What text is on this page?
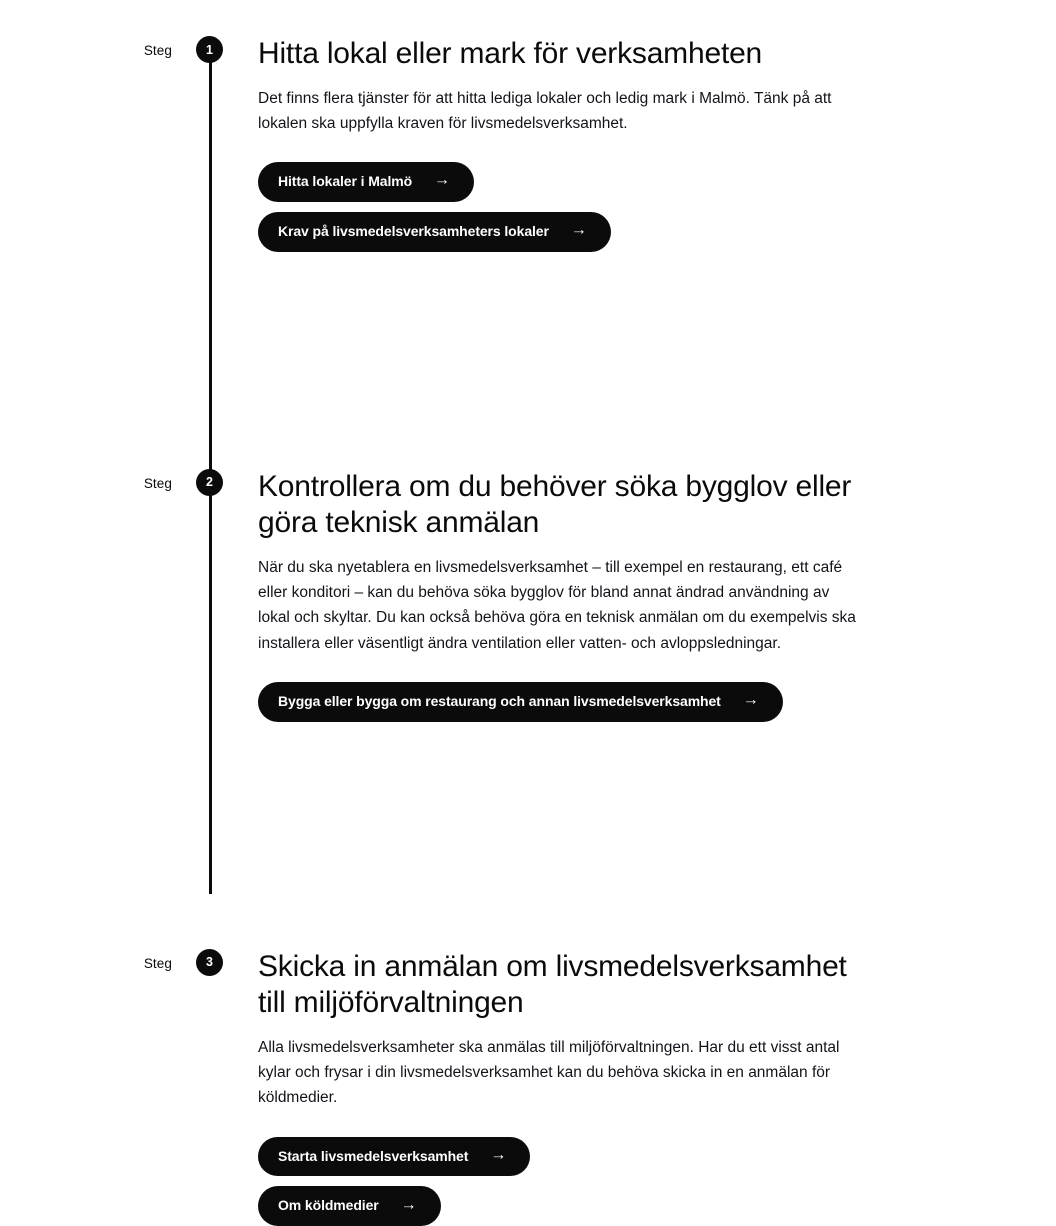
Steg	1	Hitta lokal eller mark för verksamheten

Det finns flera tjänster för att hitta lediga lokaler och ledig mark i Malmö. Tänk på att lokalen ska uppfylla kraven för livsmedelsverksamhet.

Hitta lokaler i Malmö →
Krav på livsmedelsverksamheters lokaler →
Steg	2	Kontrollera om du behöver söka bygglov eller göra teknisk anmälan

När du ska nyetablera en livsmedelsverksamhet – till exempel en restaurang, ett café eller konditori – kan du behöva söka bygglov för bland annat ändrad användning av lokal och skyltar. Du kan också behöva göra en teknisk anmälan om du exempelvis ska installera eller väsentligt ändra ventilation eller vatten- och avloppsledningar.

Bygga eller bygga om restaurang och annan livsmedelsverksamhet →
Steg	3	Skicka in anmälan om livsmedelsverksamhet till miljöförvaltningen

Alla livsmedelsverksamheter ska anmälas till miljöförvaltningen. Har du ett visst antal kylar och frysar i din livsmedelsverksamhet kan du behöva skicka in en anmälan för köldmedier.

Starta livsmedelsverksamhet →
Om köldmedier →
